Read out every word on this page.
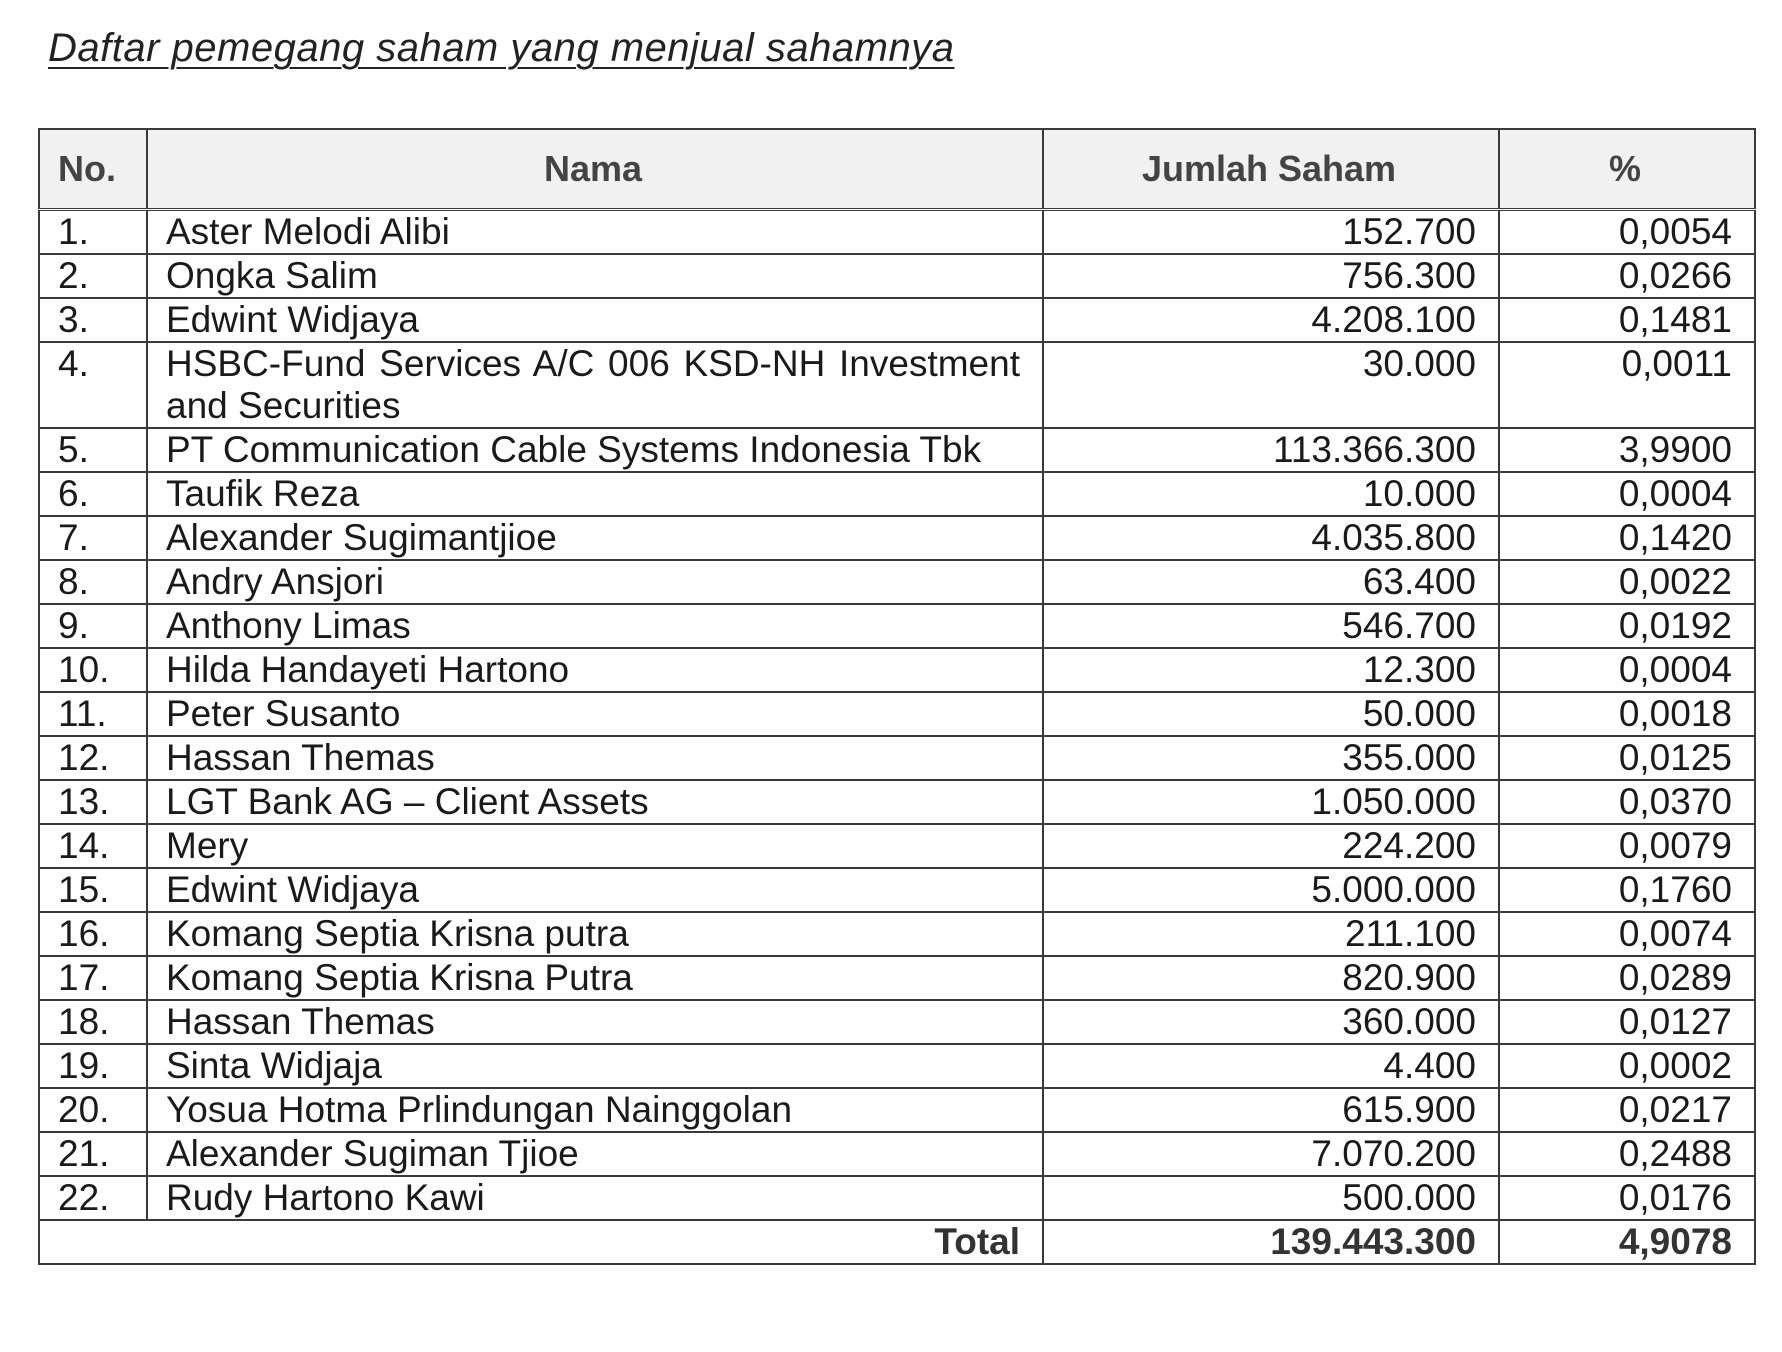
Daftar pemegang saham yang menjual sahamnya
No.	Nama	Jumlah Saham	%
1.	Aster Melodi Alibi	152.700	0,0054
2.	Ongka Salim	756.300	0,0266
3.	Edwint Widjaya	4.208.100	0,1481
4.	HSBC-Fund Services A/C 006 KSD-NH Investment and Securities	30.000	0,0011
5.	PT Communication Cable Systems Indonesia Tbk	113.366.300	3,9900
6.	Taufik Reza	10.000	0,0004
7.	Alexander Sugimantjioe	4.035.800	0,1420
8.	Andry Ansjori	63.400	0,0022
9.	Anthony Limas	546.700	0,0192
10.	Hilda Handayeti Hartono	12.300	0,0004
11.	Peter Susanto	50.000	0,0018
12.	Hassan Themas	355.000	0,0125
13.	LGT Bank AG – Client Assets	1.050.000	0,0370
14.	Mery	224.200	0,0079
15.	Edwint Widjaya	5.000.000	0,1760
16.	Komang Septia Krisna putra	211.100	0,0074
17.	Komang Septia Krisna Putra	820.900	0,0289
18.	Hassan Themas	360.000	0,0127
19.	Sinta Widjaja	4.400	0,0002
20.	Yosua Hotma Prlindungan Nainggolan	615.900	0,0217
21.	Alexander Sugiman Tjioe	7.070.200	0,2488
22.	Rudy Hartono Kawi	500.000	0,0176
Total		139.443.300	4,9078
